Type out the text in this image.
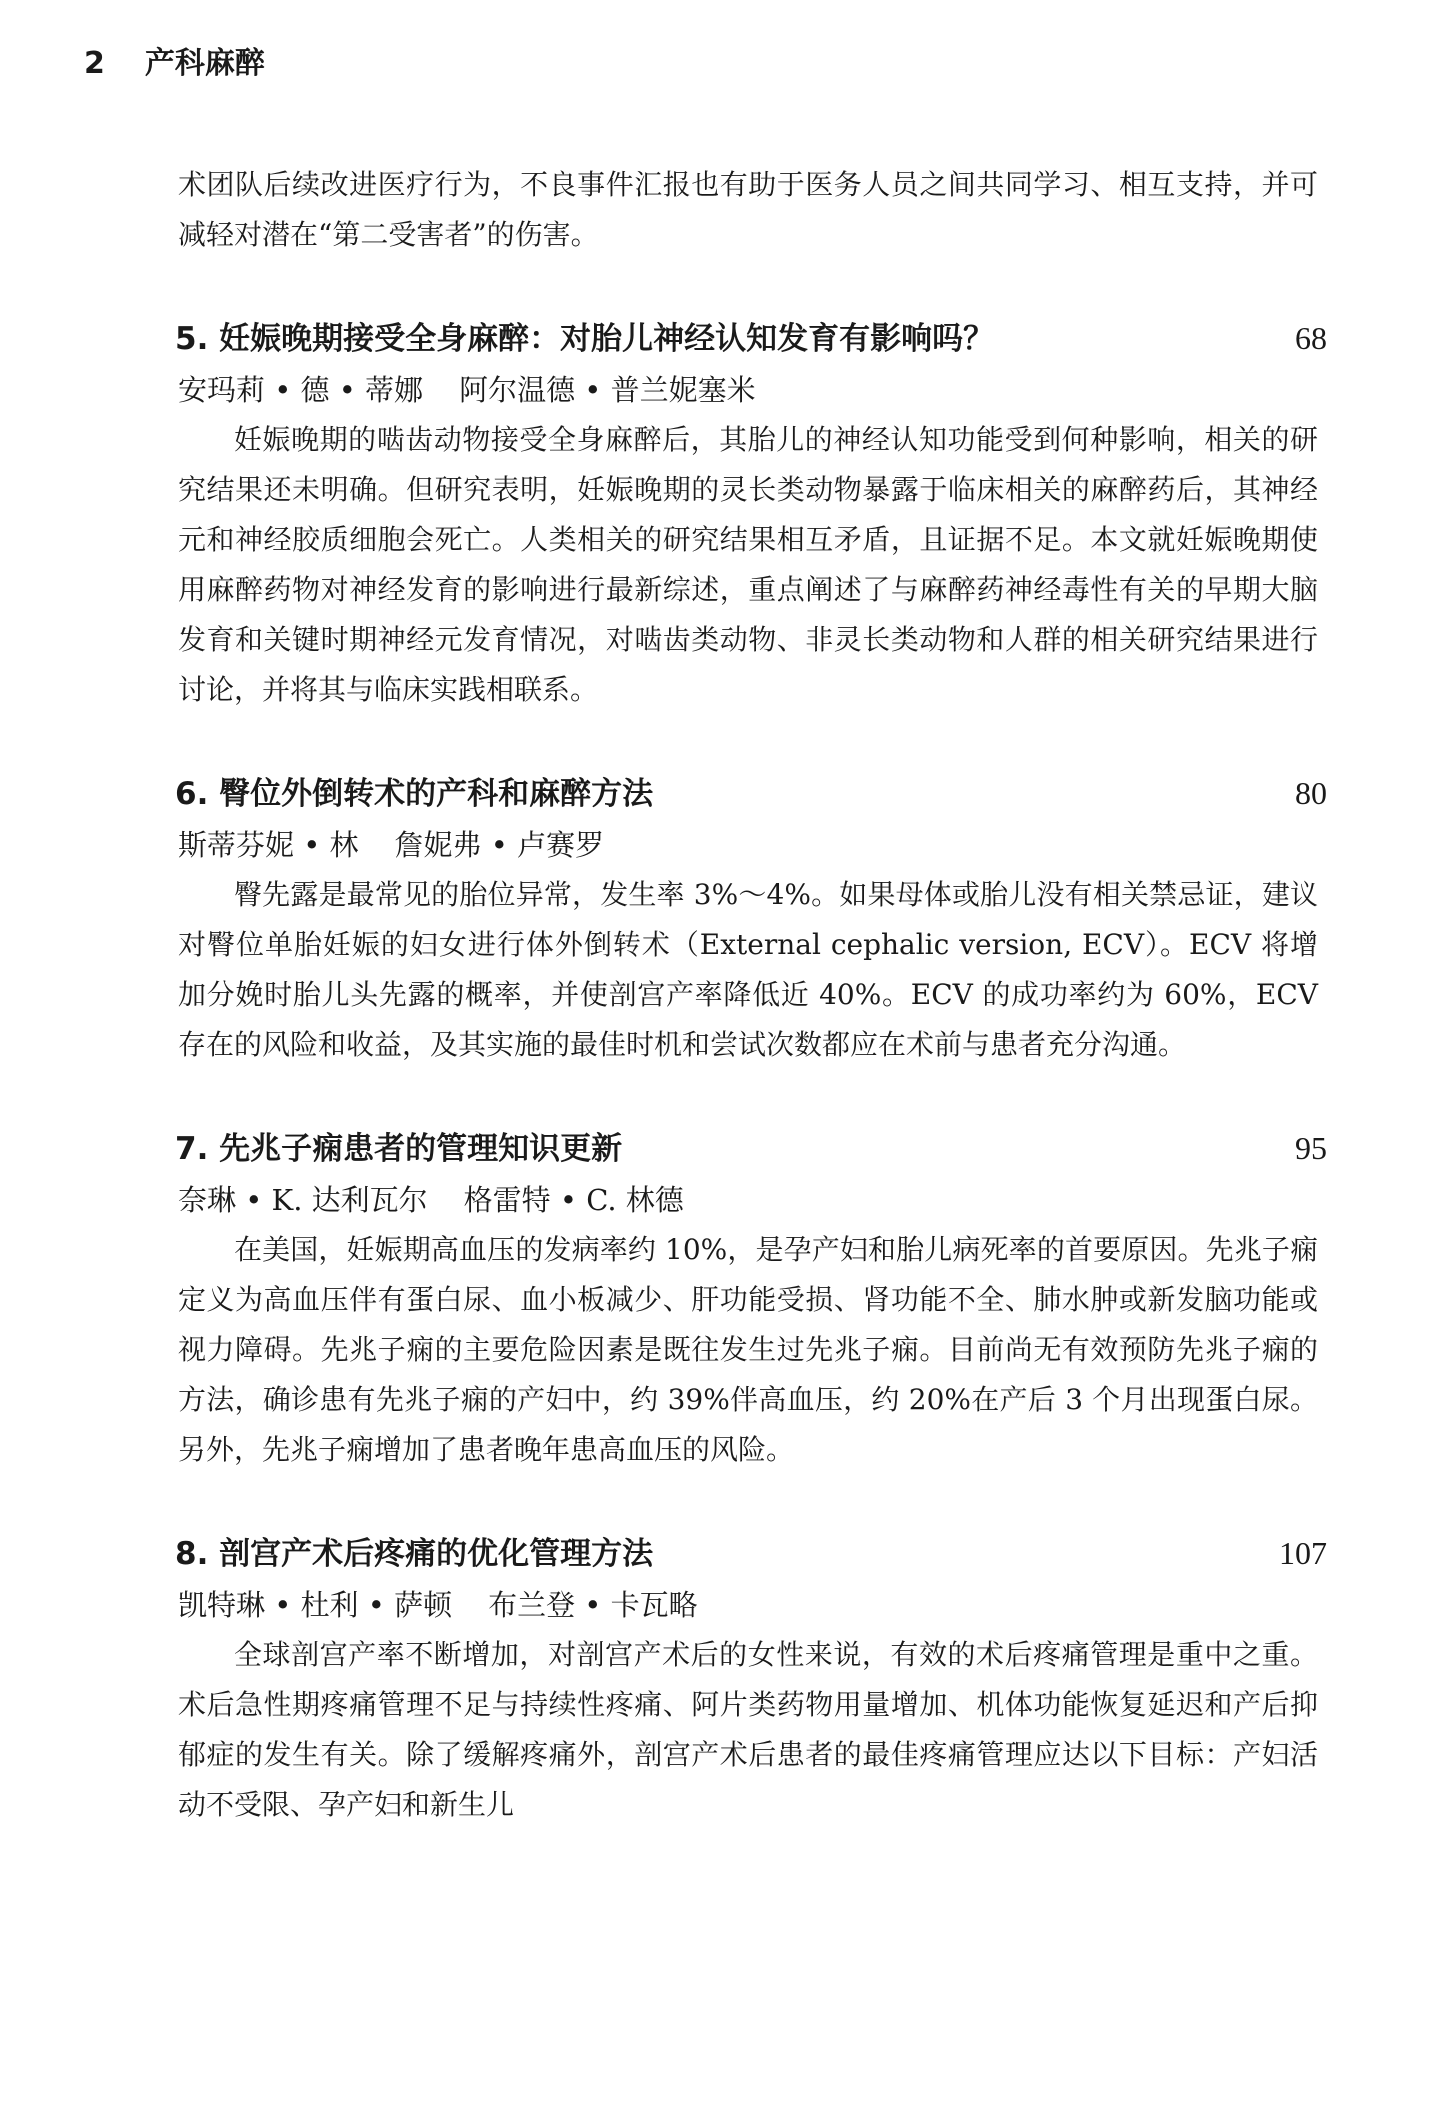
2 产科麻醉

术团队后续改进医疗行为，不良事件汇报也有助于医务人员之间共同学习、相互支持，并可减轻对潜在“第二受害者”的伤害。

5. 妊娠晚期接受全身麻醉：对胎儿神经认知发育有影响吗？	68

安玛莉 • 德 • 蒂娜 阿尔温德 • 普兰妮塞米

妊娠晚期的啮齿动物接受全身麻醉后，其胎儿的神经认知功能受到何种影响，相关的研究结果还未明确。但研究表明，妊娠晚期的灵长类动物暴露于临床相关的麻醉药后，其神经元和神经胶质细胞会死亡。人类相关的研究结果相互矛盾，且证据不足。本文就妊娠晚期使用麻醉药物对神经发育的影响进行最新综述，重点阐述了与麻醉药神经毒性有关的早期大脑发育和关键时期神经元发育情况，对啮齿类动物、非灵长类动物和人群的相关研究结果进行讨论，并将其与临床实践相联系。

6. 臀位外倒转术的产科和麻醉方法	80

斯蒂芬妮 • 林 詹妮弗 • 卢赛罗

臀先露是最常见的胎位异常，发生率 3%～4%。如果母体或胎儿没有相关禁忌证，建议对臀位单胎妊娠的妇女进行体外倒转术（External cephalic version, ECV）。ECV 将增加分娩时胎儿头先露的概率，并使剖宫产率降低近 40%。ECV 的成功率约为 60%，ECV 存在的风险和收益，及其实施的最佳时机和尝试次数都应在术前与患者充分沟通。

7. 先兆子痫患者的管理知识更新	95

奈琳 • K. 达利瓦尔 格雷特 • C. 林德

在美国，妊娠期高血压的发病率约 10%，是孕产妇和胎儿病死率的首要原因。先兆子痫定义为高血压伴有蛋白尿、血小板减少、肝功能受损、肾功能不全、肺水肿或新发脑功能或视力障碍。先兆子痫的主要危险因素是既往发生过先兆子痫。目前尚无有效预防先兆子痫的方法，确诊患有先兆子痫的产妇中，约 39%伴高血压，约 20%在产后 3 个月出现蛋白尿。另外，先兆子痫增加了患者晚年患高血压的风险。

8. 剖宫产术后疼痛的优化管理方法	107

凯特琳 • 杜利 • 萨顿 布兰登 • 卡瓦略

全球剖宫产率不断增加，对剖宫产术后的女性来说，有效的术后疼痛管理是重中之重。术后急性期疼痛管理不足与持续性疼痛、阿片类药物用量增加、机体功能恢复延迟和产后抑郁症的发生有关。除了缓解疼痛外，剖宫产术后患者的最佳疼痛管理应达以下目标：产妇活动不受限、孕产妇和新生儿
